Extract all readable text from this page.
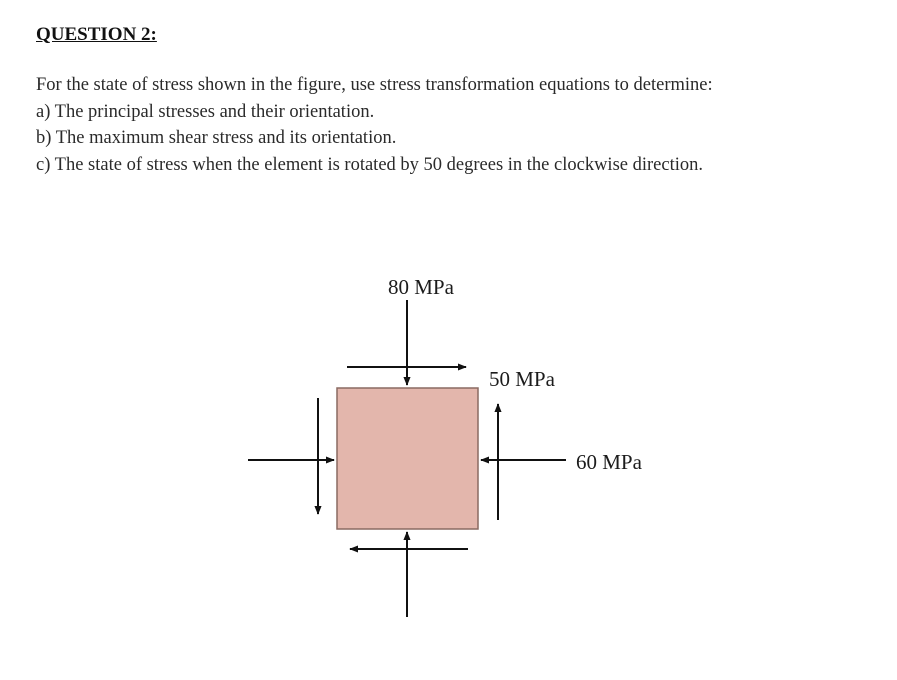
QUESTION 2:

For the state of stress shown in the figure, use stress transformation equations to determine:

a) The principal stresses and their orientation.

b) The maximum shear stress and its orientation.

c) The state of stress when the element is rotated by 50 degrees in the clockwise direction.

80 MPa
50 MPa
60 MPa
